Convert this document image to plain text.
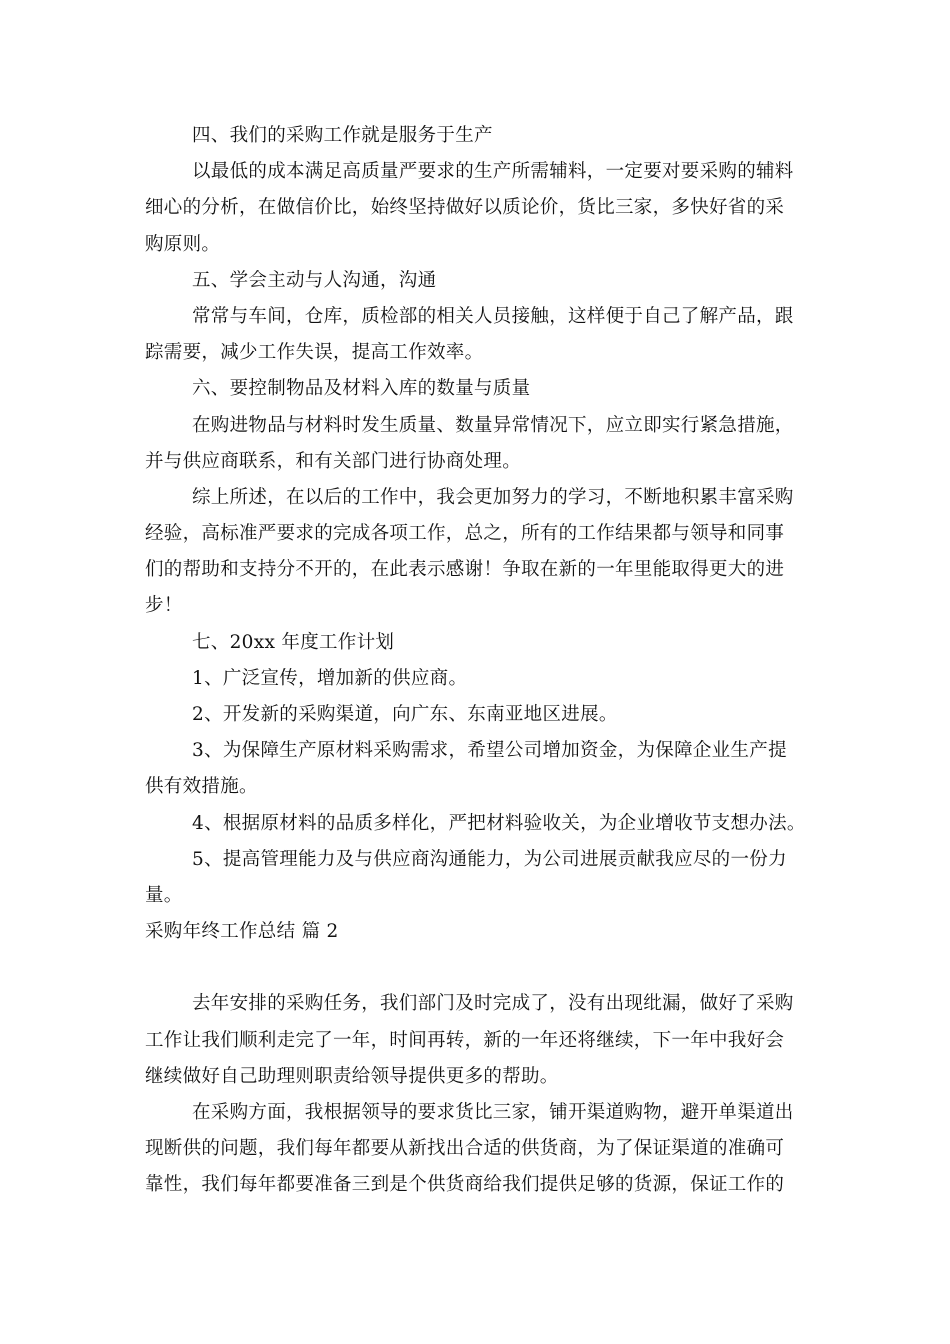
四、我们的采购工作就是服务于生产
以最低的成本满足高质量严要求的生产所需辅料，一定要对要采购的辅料
细心的分析，在做信价比，始终坚持做好以质论价，货比三家，多快好省的采
购原则。
五、学会主动与人沟通，沟通
常常与车间，仓库，质检部的相关人员接触，这样便于自己了解产品，跟
踪需要，减少工作失误，提高工作效率。
六、要控制物品及材料入库的数量与质量
在购进物品与材料时发生质量、数量异常情况下，应立即实行紧急措施，
并与供应商联系，和有关部门进行协商处理。
综上所述，在以后的工作中，我会更加努力的学习，不断地积累丰富采购
经验，高标准严要求的完成各项工作，总之，所有的工作结果都与领导和同事
们的帮助和支持分不开的，在此表示感谢！争取在新的一年里能取得更大的进
步！
七、20xx 年度工作计划
1、广泛宣传，增加新的供应商。
2、开发新的采购渠道，向广东、东南亚地区进展。
3、为保障生产原材料采购需求，希望公司增加资金，为保障企业生产提
供有效措施。
4、根据原材料的品质多样化，严把材料验收关，为企业增收节支想办法。
5、提高管理能力及与供应商沟通能力，为公司进展贡献我应尽的一份力
量。
采购年终工作总结 篇 2
去年安排的采购任务，我们部门及时完成了，没有出现纰漏，做好了采购
工作让我们顺利走完了一年，时间再转，新的一年还将继续，下一年中我好会
继续做好自己助理则职责给领导提供更多的帮助。
在采购方面，我根据领导的要求货比三家，铺开渠道购物，避开单渠道出
现断供的问题，我们每年都要从新找出合适的供货商，为了保证渠道的准确可
靠性，我们每年都要准备三到是个供货商给我们提供足够的货源，保证工作的
